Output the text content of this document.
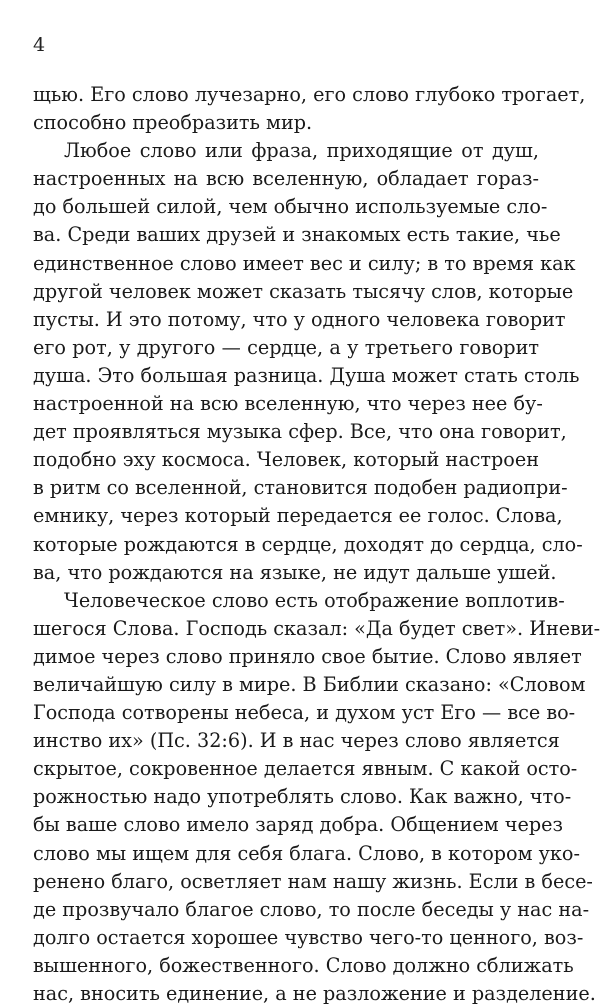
4
щью. Его слово лучезарно, его слово глубоко трогает,
способно преобразить мир.
Любое слово или фраза, приходящие от душ,
настроенных на всю вселенную, обладает гораз-
до большей силой, чем обычно используемые сло-
ва. Среди ваших друзей и знакомых есть такие, чье
единственное слово имеет вес и силу; в то время как
другой человек может сказать тысячу слов, которые
пусты. И это потому, что у одного человека говорит
его рот, у другого — сердце, а у третьего говорит
душа. Это большая разница. Душа может стать столь
настроенной на всю вселенную, что через нее бу-
дет проявляться музыка сфер. Все, что она говорит,
подобно эху космоса. Человек, который настроен
в ритм со вселенной, становится подобен радиопри-
емнику, через который передается ее голос. Слова,
которые рождаются в сердце, доходят до сердца, сло-
ва, что рождаются на языке, не идут дальше ушей.
Человеческое слово есть отображение воплотив-
шегося Слова. Господь сказал: «Да будет свет». Иневи-
димое через слово приняло свое бытие. Слово являет
величайшую силу в мире. В Библии сказано: «Словом
Господа сотворены небеса, и духом уст Его — все во-
инство их» (Пс. 32:6). И в нас через слово является
скрытое, сокровенное делается явным. С какой осто-
рожностью надо употреблять слово. Как важно, что-
бы ваше слово имело заряд добра. Общением через
слово мы ищем для себя блага. Слово, в котором уко-
ренено благо, осветляет нам нашу жизнь. Если в бесе-
де прозвучало благое слово, то после беседы у нас на-
долго остается хорошее чувство чего-то ценного, воз-
вышенного, божественного. Слово должно сближать
нас, вносить единение, а не разложение и разделение.
